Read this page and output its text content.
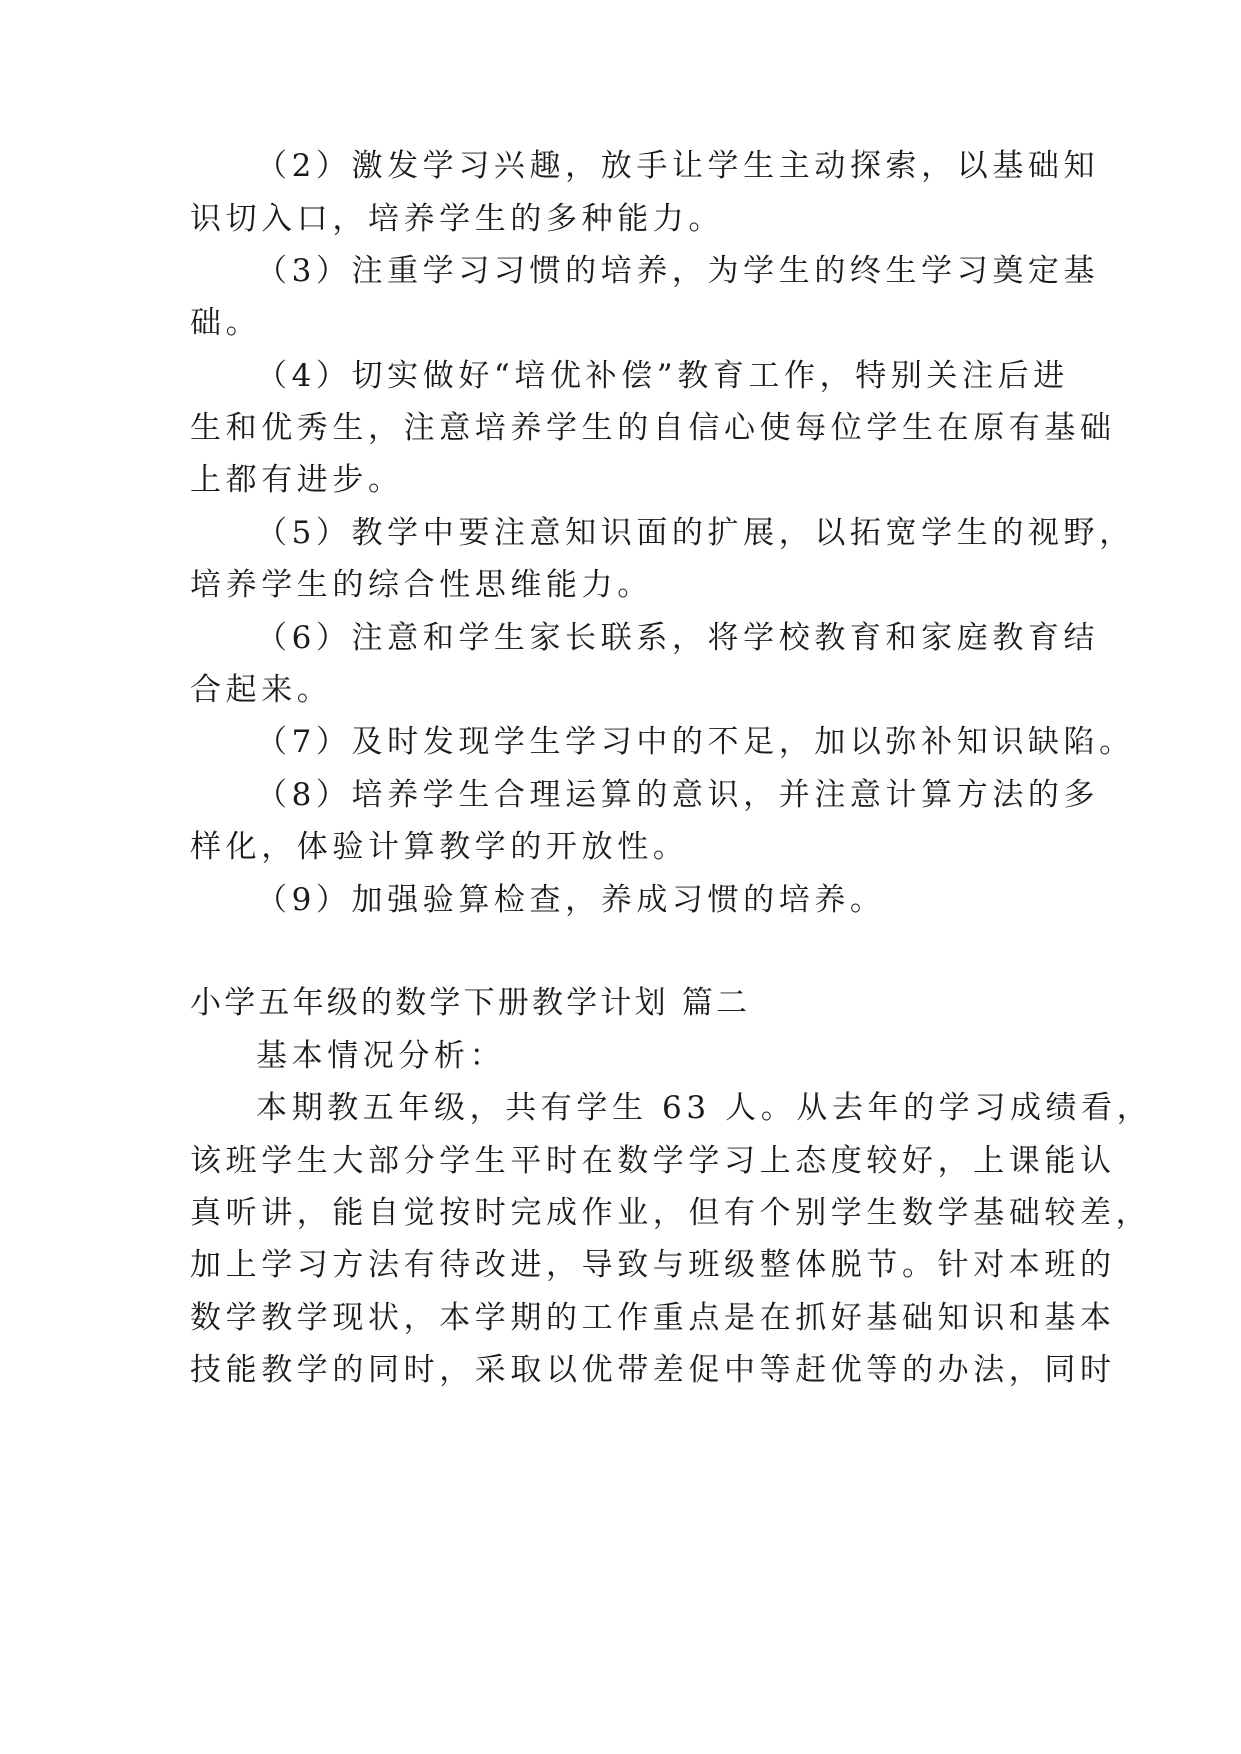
（2）激发学习兴趣，放手让学生主动探索，以基础知

识切入口，培养学生的多种能力。

（3）注重学习习惯的培养，为学生的终生学习奠定基

础。

（4）切实做好“培优补偿”教育工作，特别关注后进

生和优秀生，注意培养学生的自信心使每位学生在原有基础

上都有进步。

（5）教学中要注意知识面的扩展，以拓宽学生的视野，

培养学生的综合性思维能力。

（6）注意和学生家长联系，将学校教育和家庭教育结

合起来。

（7）及时发现学生学习中的不足，加以弥补知识缺陷。

（8）培养学生合理运算的意识，并注意计算方法的多

样化，体验计算教学的开放性。

（9）加强验算检查，养成习惯的培养。

小学五年级的数学下册教学计划 篇二

基本情况分析：

本期教五年级，共有学生 63 人。从去年的学习成绩看，

该班学生大部分学生平时在数学学习上态度较好，上课能认

真听讲，能自觉按时完成作业，但有个别学生数学基础较差，

加上学习方法有待改进，导致与班级整体脱节。针对本班的

数学教学现状，本学期的工作重点是在抓好基础知识和基本

技能教学的同时，采取以优带差促中等赶优等的办法，同时
